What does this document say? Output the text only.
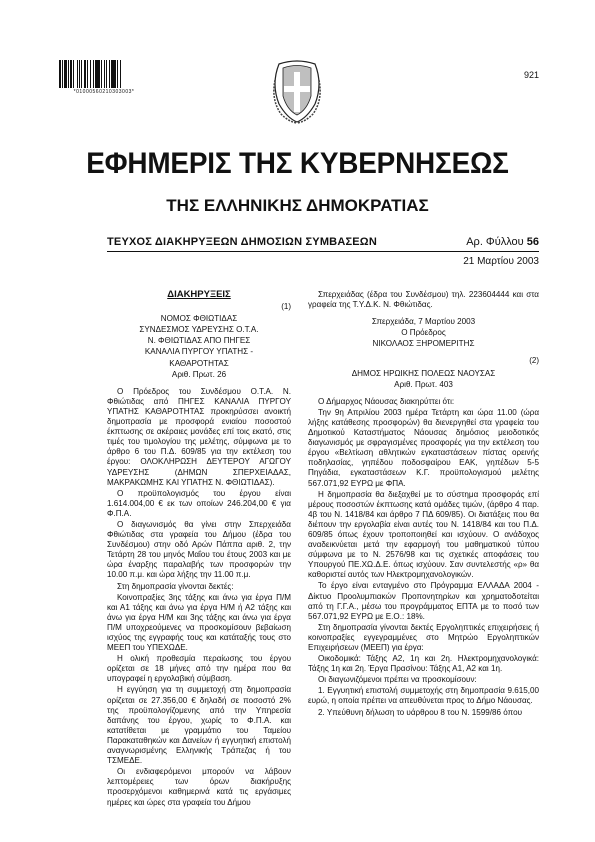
*01000560210303003*
921
ΕΦΗΜΕΡΙΣ ΤΗΣ ΚΥΒΕΡΝΗΣΕΩΣ
ΤΗΣ ΕΛΛΗΝΙΚΗΣ ΔΗΜΟΚΡΑΤΙΑΣ
ΤΕΥΧΟΣ ΔΙΑΚΗΡΥΞΕΩΝ ΔΗΜΟΣΙΩΝ ΣΥΜΒΑΣΕΩΝ	Αρ. Φύλλου 56
21 Μαρτίου 2003
ΔΙΑΚΗΡΥΞΕΙΣ
(1)

ΝΟΜΟΣ ΦΘΙΩΤΙΔΑΣ

ΣΥΝΔΕΣΜΟΣ ΥΔΡΕΥΣΗΣ Ο.Τ.Α.

Ν. ΦΘΙΩΤΙΔΑΣ ΑΠΟ ΠΗΓΕΣ

ΚΑΝΑΛΙΑ ΠΥΡΓΟΥ ΥΠΑΤΗΣ -

ΚΑΘΑΡΟΤΗΤΑΣ

Αριθ. Πρωτ. 26

Ο Πρόεδρος του Συνδέσμου Ο.Τ.Α. Ν. Φθιώτιδας από ΠΗΓΕΣ ΚΑΝΑΛΙΑ ΠΥΡΓΟΥ ΥΠΑΤΗΣ ΚΑΘΑΡΟΤΗΤΑΣ προκηρύσσει ανοικτή δημοπρασία με προσφορά ενιαίου ποσοστού έκπτωσης σε ακέραιες μονάδες επί τοις εκατό, στις τιμές του τιμολογίου της μελέτης, σύμφωνα με το άρθρο 6 του Π.Δ. 609/85 για την εκτέλεση του έργου: ΟΛΟΚΛΗΡΩΣΗ ΔΕΥΤΕΡΟΥ ΑΓΩΓΟΥ ΥΔΡΕΥΣΗΣ (ΔΗΜΩΝ ΣΠΕΡΧΕΙΑΔΑΣ, ΜΑΚΡΑΚΩΜΗΣ ΚΑΙ ΥΠΑΤΗΣ Ν. ΦΘΙΩΤΙΔΑΣ).

Ο προϋπολογισμός του έργου είναι 1.614.004,00 € εκ των οποίων 246.204,00 € για Φ.Π.Α.

Ο διαγωνισμός θα γίνει στην Σπερχειάδα Φθιώτιδας στα γραφεία του Δήμου (έδρα του Συνδέσμου) στην οδό Αρών Πάππα αριθ. 2, την Τετάρτη 28 του μηνός Μαΐου του έτους 2003 και με ώρα έναρξης παραλαβής των προσφορών την 10.00 π.μ. και ώρα λήξης την 11.00 π.μ.

Στη δημοπρασία γίνονται δεκτές:

Κοινοπραξίες 3ης τάξης και άνω για έργα Π/Μ και Α1 τάξης και άνω για έργα Η/Μ ή Α2 τάξης και άνω για έργα Η/Μ και 3ης τάξης και άνω για έργα Π/Μ υποχρεούμενες να προσκομίσουν βεβαίωση ισχύος της εγγραφής τους και κατάταξής τους στο ΜΕΕΠ του ΥΠΕΧΩΔΕ.

Η ολική προθεσμία περαίωσης του έργου ορίζεται σε 18 μήνες από την ημέρα που θα υπογραφεί η εργολαβική σύμβαση.

Η εγγύηση για τη συμμετοχή στη δημοπρασία ορίζεται σε 27.356,00 € δηλαδή σε ποσοστό 2% της προϋπολογίζομενης από την Υπηρεσία δαπάνης του έργου, χωρίς το Φ.Π.Α. και κατατίθεται με γραμμάτιο του Ταμείου Παρακαταθηκών και Δανείων ή εγγυητική επιστολή αναγνωρισμένης Ελληνικής Τράπεζας ή του ΤΣΜΕΔΕ.

Οι ενδιαφερόμενοι μπορούν να λάβουν λεπτομέρειες των όρων διακήρυξης προσερχόμενοι καθημερινά κατά τις εργάσιμες ημέρες και ώρες στα γραφεία του Δήμου

Σπερχειάδας (έδρα του Συνδέσμου) τηλ. 223604444 και στα γραφεία της Τ.Υ.Δ.Κ. Ν. Φθιώτιδας.

Σπερχειάδα, 7 Μαρτίου 2003

Ο Πρόεδρος

ΝΙΚΟΛΑΟΣ ΞΗΡΟΜΕΡΙΤΗΣ

(2)

ΔΗΜΟΣ ΗΡΩΙΚΗΣ ΠΟΛΕΩΣ ΝΑΟΥΣΑΣ

Αριθ. Πρωτ. 403

Ο Δήμαρχος Νάουσας διακηρύττει ότι:

Την 9η Απριλίου 2003 ημέρα Τετάρτη και ώρα 11.00 (ώρα λήξης κατάθεσης προσφορών) θα διενεργηθεί στα γραφεία του Δημοτικού Καταστήματος Νάουσας δημόσιος μειοδοτικός διαγωνισμός με σφραγισμένες προσφορές για την εκτέλεση του έργου «Βελτίωση αθλητικών εγκαταστάσεων πίστας ορεινής ποδηλασίας, γηπέδου ποδοσφαίρου ΕΑΚ, γηπέδων 5-5 Πηγάδια, εγκαταστάσεων Κ.Γ. προϋπολογισμού μελέτης 567.071,92 ΕΥΡΩ με ΦΠΑ.

Η δημοπρασία θα διεξαχθεί με το σύστημα προσφοράς επί μέρους ποσοστών έκπτωσης κατά ομάδες τιμών, (άρθρο 4 παρ. 4β του Ν. 1418/84 και άρθρο 7 ΠΔ 609/85). Οι διατάξεις που θα διέπουν την εργολαβία είναι αυτές του Ν. 1418/84 και του Π.Δ. 609/85 όπως έχουν τροποποιηθεί και ισχύουν. Ο ανάδοχος αναδεικνύεται μετά την εφαρμογή του μαθηματικού τύπου σύμφωνα με το Ν. 2576/98 και τις σχετικές αποφάσεις του Υπουργού ΠΕ.ΧΩ.Δ.Ε. όπως ισχύουν. Σαν συντελεστής «ρ» θα καθοριστεί αυτός των Ηλεκτρομηχανολογικών.

Το έργο είναι ενταγμένο στο Πρόγραμμα ΕΛΛΑΔΑ 2004 - Δίκτυο Προολυμπιακών Προπονητηρίων και χρηματοδοτείται από τη Γ.Γ.Α., μέσω του προγράμματος ΕΠΤΑ με το ποσό των 567.071,92 ΕΥΡΩ με Ε.Ο.: 18%.

Στη δημοπρασία γίνονται δεκτές Εργοληπτικές επιχειρήσεις ή κοινοπραξίες εγγεγραμμένες στο Μητρώο Εργοληπτικών Επιχειρήσεων (ΜΕΕΠ) για έργα:

Οικοδομικά: Τάξης Α2, 1η και 2η. Ηλεκτρομηχανολογικά: Τάξης 1η και 2η. Έργα Πρασίνου: Τάξης Α1, Α2 και 1η.

Οι διαγωνιζόμενοι πρέπει να προσκομίσουν:

1. Εγγυητική επιστολή συμμετοχής στη δημοπρασία 9.615,00 ευρώ, η οποία πρέπει να απευθύνεται προς το Δήμο Νάουσας.

2. Υπεύθυνη δήλωση το υάρθρου 8 του Ν. 1599/86 όπου
